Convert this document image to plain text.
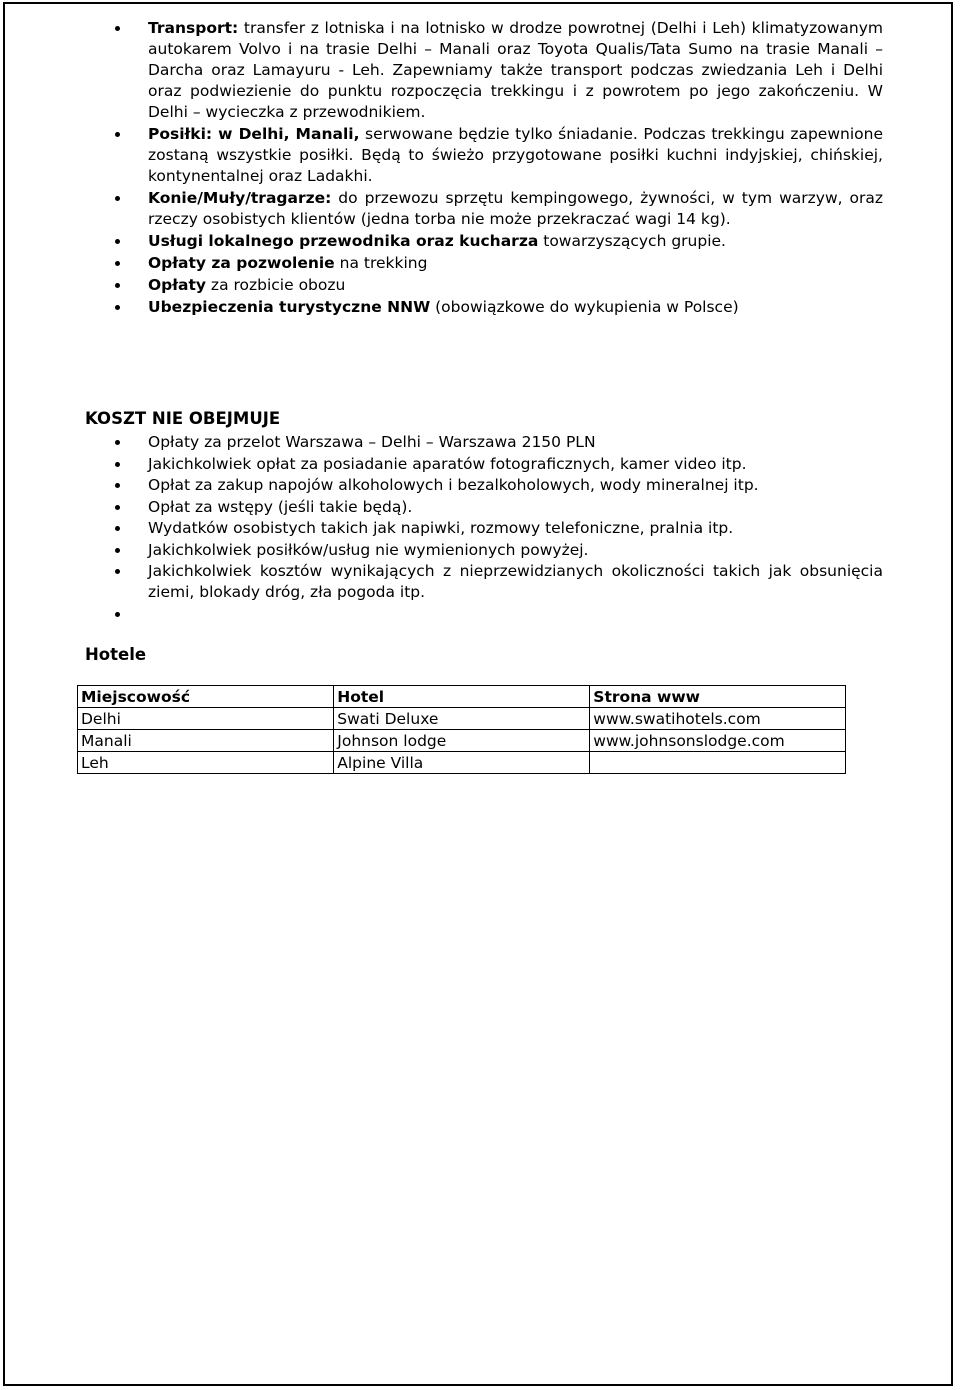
Transport: transfer z lotniska i na lotnisko w drodze powrotnej (Delhi i Leh) klimatyzowanym autokarem Volvo i na trasie Delhi – Manali oraz Toyota Qualis/Tata Sumo na trasie Manali – Darcha oraz Lamayuru - Leh. Zapewniamy także transport podczas zwiedzania Leh i Delhi oraz podwiezienie do punktu rozpoczęcia trekkingu i z powrotem po jego zakończeniu. W Delhi – wycieczka z przewodnikiem.
Posiłki: w Delhi, Manali, serwowane będzie tylko śniadanie. Podczas trekkingu zapewnione zostaną wszystkie posiłki. Będą to świeżo przygotowane posiłki kuchni indyjskiej, chińskiej, kontynentalnej oraz Ladakhi.
Konie/Muły/tragarze: do przewozu sprzętu kempingowego, żywności, w tym warzyw, oraz rzeczy osobistych klientów (jedna torba nie może przekraczać wagi 14 kg).
Usługi lokalnego przewodnika oraz kucharza towarzyszących grupie.
Opłaty za pozwolenie na trekking
Opłaty za rozbicie obozu
Ubezpieczenia turystyczne NNW (obowiązkowe do wykupienia w Polsce)
KOSZT NIE OBEJMUJE
Opłaty za przelot Warszawa – Delhi – Warszawa 2150 PLN
Jakichkolwiek opłat za posiadanie aparatów fotograficznych, kamer video itp.
Opłat za zakup napojów alkoholowych i bezalkoholowych, wody mineralnej itp.
Opłat za wstępy (jeśli takie będą).
Wydatków osobistych takich jak napiwki, rozmowy telefoniczne, pralnia itp.
Jakichkolwiek posiłków/usług nie wymienionych powyżej.
Jakichkolwiek kosztów wynikających z nieprzewidzianych okoliczności takich jak obsunięcia ziemi, blokady dróg, zła pogoda itp.
Hotele
Miejscowość	Hotel	Strona www
Delhi	Swati Deluxe	www.swatihotels.com
Manali	Johnson lodge	www.johnsonslodge.com
Leh	Alpine Villa	
